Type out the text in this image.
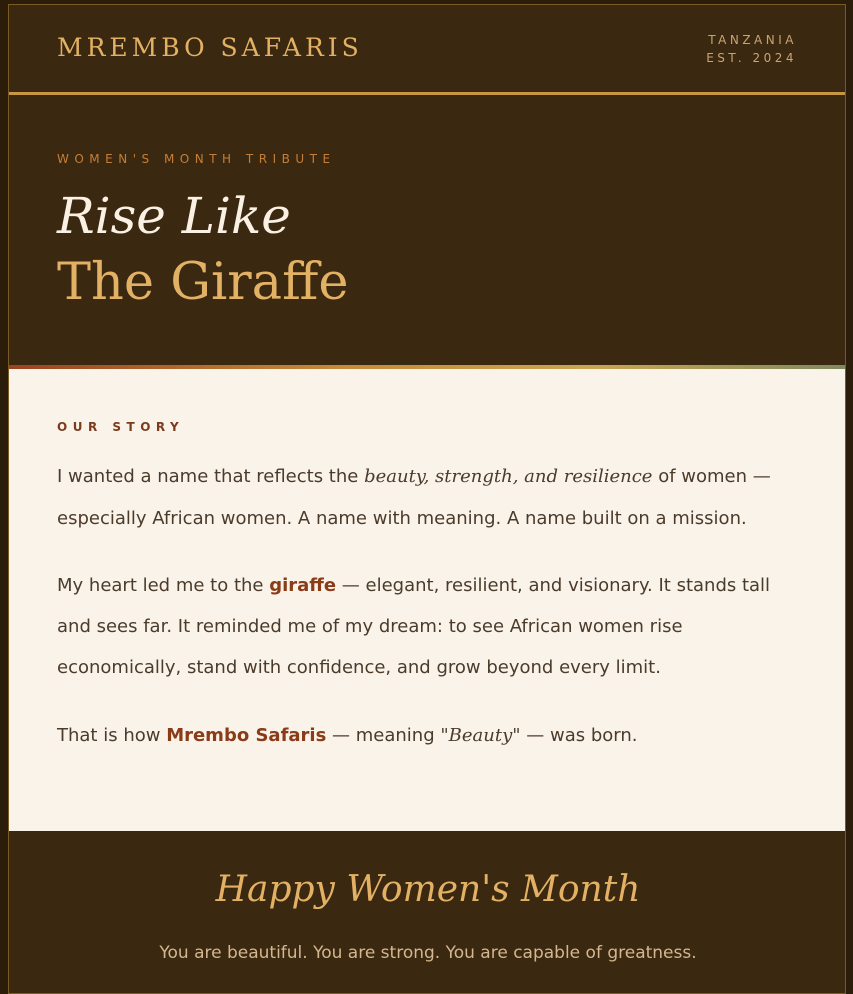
MREMBO SAFARIS	TANZANIA
EST. 2024
WOMEN'S MONTH TRIBUTE
Rise Like
The Giraffe
OUR STORY
I wanted a name that reflects the beauty, strength, and resilience of women — especially African women. A name with meaning. A name built on a mission.
My heart led me to the giraffe — elegant, resilient, and visionary. It stands tall and sees far. It reminded me of my dream: to see African women rise economically, stand with confidence, and grow beyond every limit.
That is how Mrembo Safaris — meaning "Beauty" — was born.
Happy Women's Month
You are beautiful. You are strong. You are capable of greatness.
